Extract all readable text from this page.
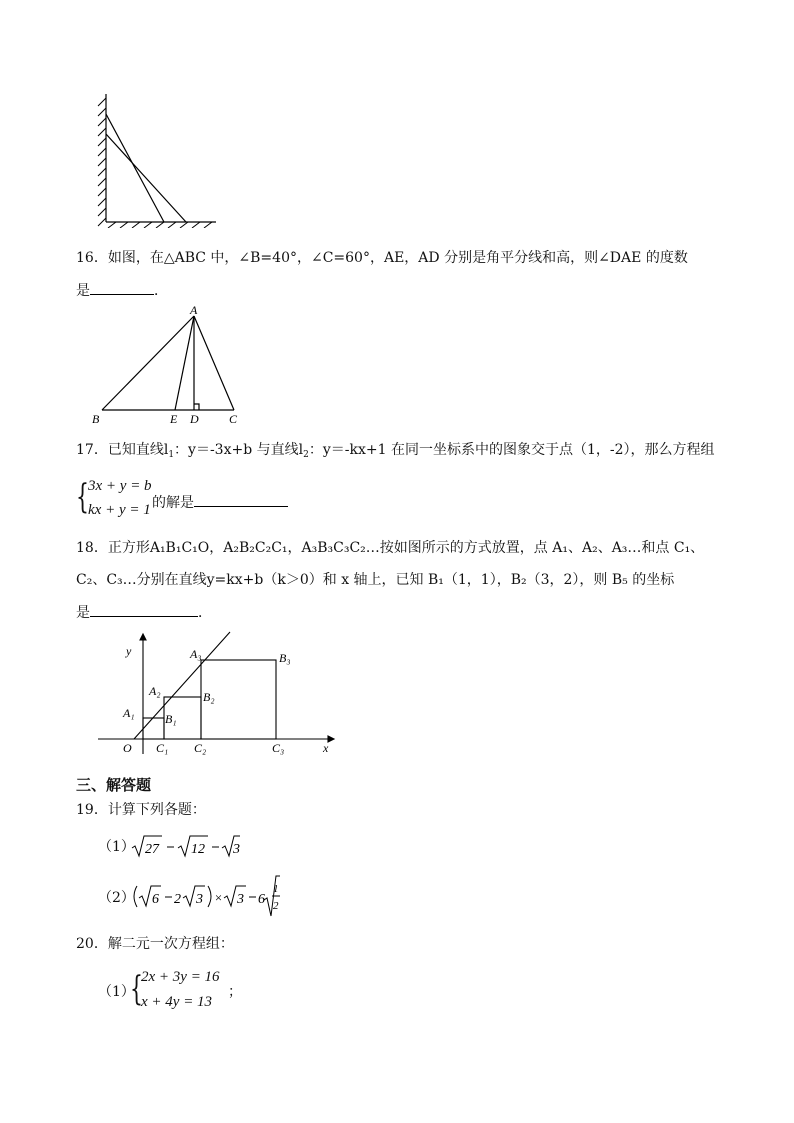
16．如图，在△ABC 中，∠B=40°，∠C=60°，AE，AD 分别是角平分线和高，则∠DAE 的度数
是	．
A
B	E D	C
17．已知直线$l_1$：y＝-3x+b 与直线$l_2$：y＝-kx+1 在同一坐标系中的图象交于点（1，-2），那么方程组
{ 3x + y = b
kx + y = 1 的解是
18．正方形A₁B₁C₁O，A₂B₂C₂C₁，A₃B₃C₃C₂…按如图所示的方式放置，点 A₁、A₂、A₃…和点 C₁、
C₂、C₃…分别在直线y=kx+b（k＞0）和 x 轴上，已知 B₁（1，1），B₂（3，2），则 B₅ 的坐标
是	．
y
x
O
A₁
A₂
A₃
B₁
B₂
B₃
C₁ C₂	C₃
三、解答题
19．计算下列各题：
（1） 27 12 3
（2） 6 2 3 × 3 6
1
2
20．解二元一次方程组：
（1）
{
2x + 3y = 16
x + 4y = 13
；
